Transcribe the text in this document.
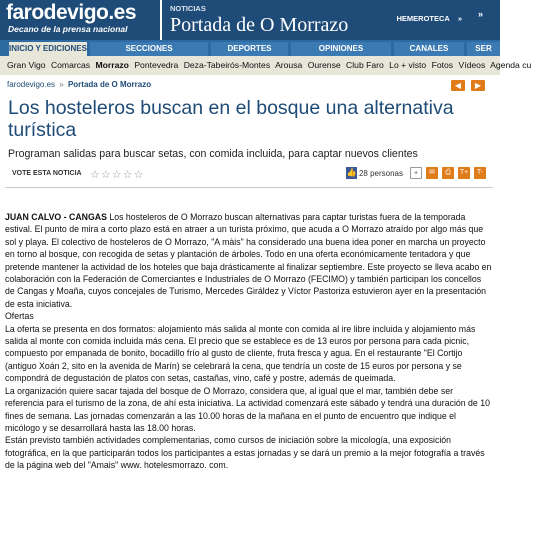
farodevigo.es
Decano de la prensa nacional
NOTICIAS
Portada de O Morrazo	HEMEROTECA » »
INICIO Y EDICIONES	SECCIONES	DEPORTES	OPINIONES	CANALES	SER
Gran Vigo Comarcas Morrazo Pontevedra Deza-Tabeirós-Montes Arousa Ourense Club Faro Lo + visto Fotos Vídeos Agenda cu
farodevigo.es » Portada de O Morrazo	◀ ▶
Los hosteleros buscan en el bosque una alternativa turística
Programan salidas para buscar setas, con comida incluida, para captar nuevos clientes
VOTE ESTA NOTICIA ☆☆☆☆☆	👍 28 personas + ✉ ⎙ T+ T-

JUAN CALVO - CANGAS Los hosteleros de O Morrazo buscan alternativas para captar turistas fuera de la temporada estival. El punto de mira a corto plazo está en atraer a un turista próximo, que acuda a O Morrazo atraído por algo más que sol y playa. El colectivo de hosteleros de O Morrazo, "A màis" ha considerado una buena idea poner en marcha un proyecto en torno al bosque, con recogida de setas y plantación de árboles. Todo en una oferta económicamente tentadora y que pretende mantener la actividad de los hoteles que baja drásticamente al finalizar septiembre. Este proyecto se lleva acabo en colaboración con la Federación de Comerciantes e Industriales de O Morrazo (FECIMO) y también participan los concellos de Cangas y Moaña, cuyos concejales de Turismo, Mercedes Giráldez y Víctor Pastoriza estuvieron ayer en la presentación de esta iniciativa.

Ofertas

La oferta se presenta en dos formatos: alojamiento más salida al monte con comida al ire libre incluida y alojamiento más salida al monte con comida incluida más cena. El precio que se establece es de 13 euros por persona para cada picnic, compuesto por empanada de bonito, bocadillo frío al gusto de cliente, fruta fresca y agua. En el restaurante "El Cortijo (antiguo Xoán 2, sito en la avenida de Marín) se celebrará la cena, que tendría un coste de 15 euros por persona y se compondrá de degustación de platos con setas, castañas, vino, café y postre, además de queimada.

La organización quiere sacar tajada del bosque de O Morrazo, considera que, al igual que el mar, también debe ser referencia para el turismo de la zona, de ahí esta iniciativa. La actividad comenzará este sábado y tendrá una duración de 10 fines de semana. Las jornadas comenzarán a las 10.00 horas de la mañana en el punto de encuentro que indique el micólogo y se desarrollará hasta las 18.00 horas.

Están previsto también actividades complementarias, como cursos de iniciación sobre la micología, una exposición fotográfica, en la que participarán todos los participantes a estas jornadas y se dará un premio a la mejor fotografía a través de la página web del "Amais" www. hotelesmorrazo. com.
